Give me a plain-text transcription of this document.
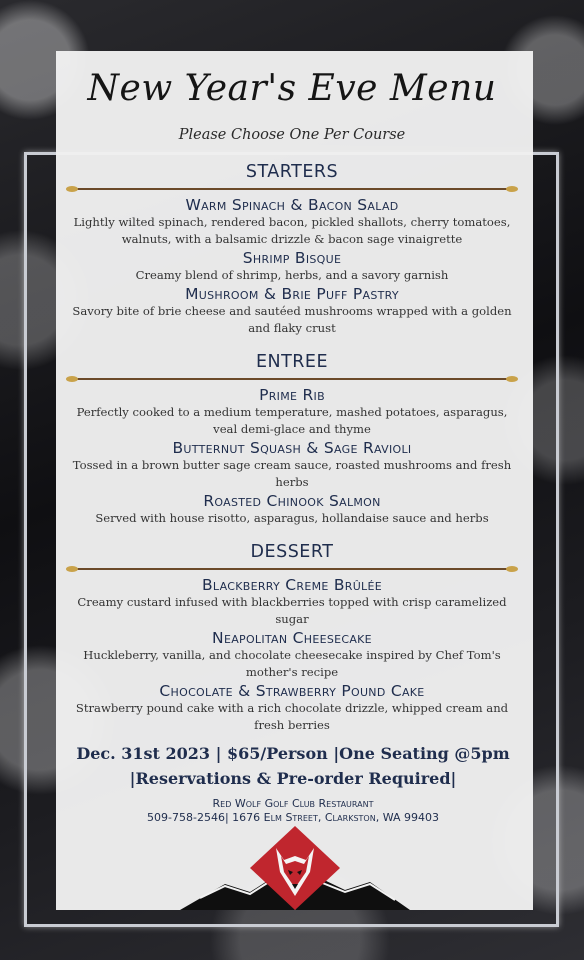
New Year's Eve Menu
Please Choose One Per Course
STARTERS
Warm Spinach & Bacon Salad
Lightly wilted spinach, rendered bacon, pickled shallots, cherry tomatoes, walnuts, with a balsamic drizzle & bacon sage vinaigrette
Shrimp Bisque
Creamy blend of shrimp, herbs, and a savory garnish
Mushroom & Brie Puff Pastry
Savory bite of brie cheese and sautéed mushrooms wrapped with a golden and flaky crust
ENTREE
Prime Rib
Perfectly cooked to a medium temperature, mashed potatoes, asparagus, veal demi-glace and thyme
Butternut Squash & Sage Ravioli
Tossed in a brown butter sage cream sauce, roasted mushrooms and fresh herbs
Roasted Chinook Salmon
Served with house risotto, asparagus, hollandaise sauce and herbs
DESSERT
Blackberry Creme Brûlée
Creamy custard infused with blackberries topped with crisp caramelized sugar
Neapolitan Cheesecake
Huckleberry, vanilla, and chocolate cheesecake inspired by Chef Tom's mother's recipe
Chocolate & Strawberry Pound Cake
Strawberry pound cake with a rich chocolate drizzle, whipped cream and fresh berries
Dec. 31st 2023 | $65/Person |One Seating @5pm
|Reservations & Pre-order Required|
Red Wolf Golf Club Restaurant
509-758-2546| 1676 Elm Street, Clarkston, WA 99403
